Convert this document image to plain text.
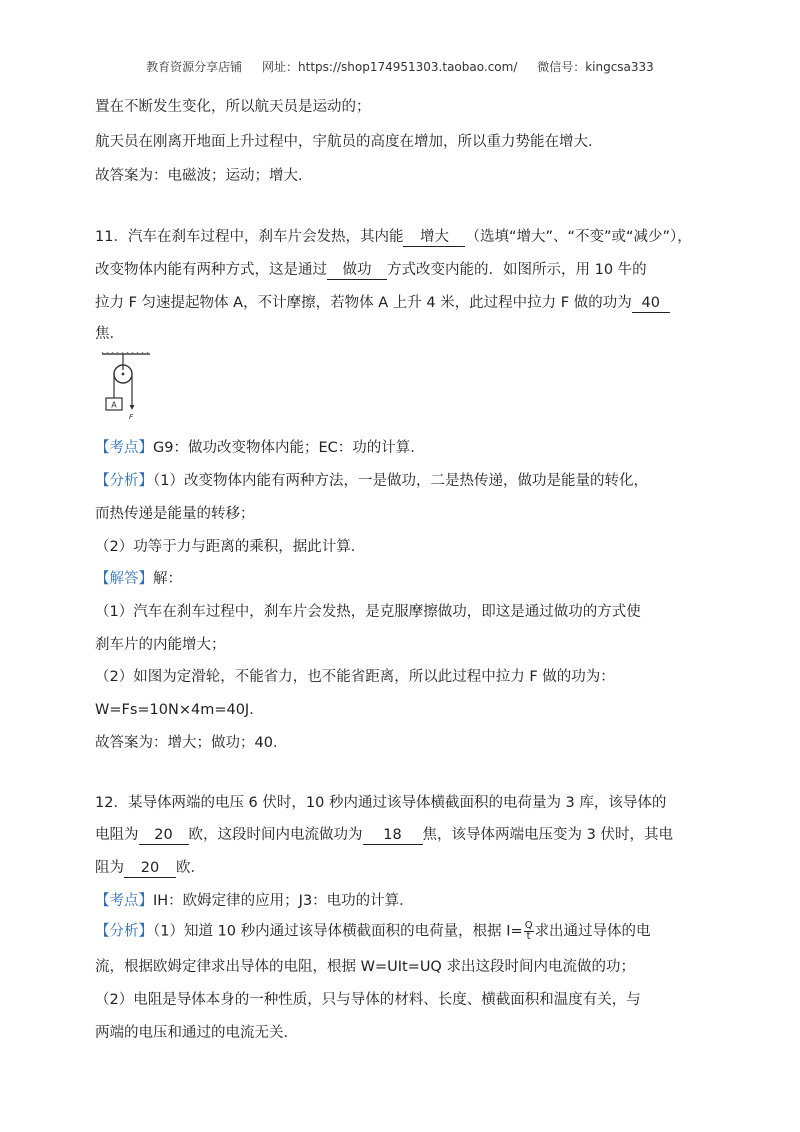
教育资源分享店铺 网址：https://shop174951303.taobao.com/ 微信号：kingcsa333
置在不断发生变化，所以航天员是运动的；
航天员在刚离开地面上升过程中，宇航员的高度在增加，所以重力势能在增大.
故答案为：电磁波；运动；增大.
11．汽车在刹车过程中，刹车片会发热，其内能 增大 （选填“增大”、“不变”或“减少”），
改变物体内能有两种方式，这是通过 做功 方式改变内能的．如图所示，用 10 牛的
拉力 F 匀速提起物体 A，不计摩擦，若物体 A 上升 4 米，此过程中拉力 F 做的功为 40
焦．
【考点】G9：做功改变物体内能；EC：功的计算．
【分析】（1）改变物体内能有两种方法，一是做功，二是热传递，做功是能量的转化，
而热传递是能量的转移；
（2）功等于力与距离的乘积，据此计算．
【解答】解：
（1）汽车在刹车过程中，刹车片会发热，是克服摩擦做功，即这是通过做功的方式使
刹车片的内能增大；
（2）如图为定滑轮，不能省力，也不能省距离，所以此过程中拉力 F 做的功为：
W=Fs=10N×4m=40J．
故答案为：增大；做功；40．
12．某导体两端的电压 6 伏时，10 秒内通过该导体横截面积的电荷量为 3 库，该导体的
电阻为 20 欧，这段时间内电流做功为 18 焦，该导体两端电压变为 3 伏时，其电
阻为 20 欧．
【考点】IH：欧姆定律的应用；J3：电功的计算．
【分析】（1）知道 10 秒内通过该导体横截面积的电荷量，根据 $I= \frac{Q}{t}$ 求出通过导体的电
流，根据欧姆定律求出导体的电阻，根据 W=UIt=UQ 求出这段时间内电流做的功；
（2）电阻是导体本身的一种性质，只与导体的材料、长度、横截面积和温度有关，与
两端的电压和通过的电流无关．
A
F
